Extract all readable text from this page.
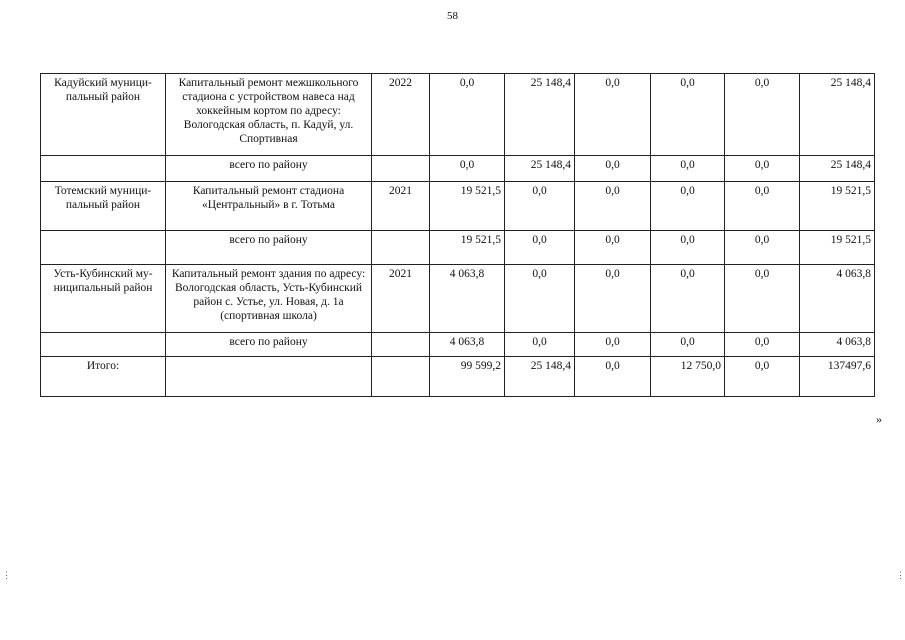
58
Кадуйский муници-пальный район	Капитальный ремонт межшкольного стадиона с устройством навеса над хоккейным кортом по адресу: Вологодская область, п. Кадуй, ул. Спортивная	2022	0,0	25 148,4	0,0	0,0	0,0	25 148,4
	всего по району		0,0	25 148,4	0,0	0,0	0,0	25 148,4
Тотемский муници-пальный район	Капитальный ремонт стадиона «Центральный» в г. Тотьма	2021	19 521,5	0,0	0,0	0,0	0,0	19 521,5
	всего по району		19 521,5	0,0	0,0	0,0	0,0	19 521,5
Усть-Кубинский му-ниципальный район	Капитальный ремонт здания по адресу: Вологодская область, Усть-Кубинский район с. Устье, ул. Новая, д. 1а (спортивная школа)	2021	4 063,8	0,0	0,0	0,0	0,0	4 063,8
	всего по району		4 063,8	0,0	0,0	0,0	0,0	4 063,8
Итого:			99 599,2	25 148,4	0,0	12 750,0	0,0	137497,6
»
⋮	⋮
